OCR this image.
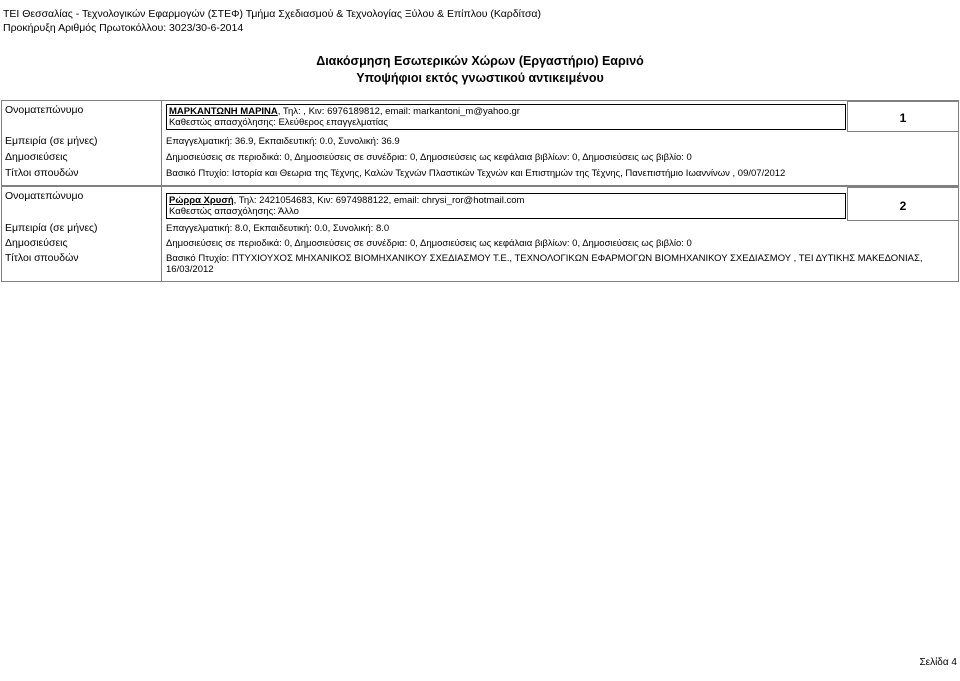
ΤΕΙ Θεσσαλίας - Τεχνολογικών Εφαρμογών (ΣΤΕΦ) Τμήμα Σχεδιασμού & Τεχνολογίας Ξύλου & Επίπλου (Καρδίτσα)
Προκήρυξη Αριθμός Πρωτοκόλλου: 3023/30-6-2014
Διακόσμηση Εσωτερικών Χώρων (Εργαστήριο) Εαρινό
Υποψήφιοι εκτός γνωστικού αντικειμένου
1
Ονοματεπώνυμο	ΜΑΡΚΑΝΤΩΝΗ ΜΑΡΙΝΑ, Τηλ: , Κιν: 6976189812, email: markantoni_m@yahoo.gr
Καθεστώς απασχόλησης: Ελεύθερος επαγγελματίας
Εμπειρία (σε μήνες)	Επαγγελματική: 36.9, Εκπαιδευτική: 0.0, Συνολική: 36.9
Δημοσιεύσεις	Δημοσιεύσεις σε περιοδικά: 0, Δημοσιεύσεις σε συνέδρια: 0, Δημοσιεύσεις ως κεφάλαια βιβλίων: 0, Δημοσιεύσεις ως βιβλίο: 0
Τίτλοι σπουδών	Βασικό Πτυχίο: Ιστορία και Θεωρια της Τέχνης, Καλών Τεχνών Πλαστικών Τεχνών και Επιστημών της Τέχνης, Πανεπιστήμιο Ιωαννίνων , 09/07/2012
2
Ονοματεπώνυμο	Ρώρρα Χρυσή, Τηλ: 2421054683, Κιν: 6974988122, email: chrysi_ror@hotmail.com
Καθεστώς απασχόλησης: Άλλο
Εμπειρία (σε μήνες)	Επαγγελματική: 8.0, Εκπαιδευτική: 0.0, Συνολική: 8.0
Δημοσιεύσεις	Δημοσιεύσεις σε περιοδικά: 0, Δημοσιεύσεις σε συνέδρια: 0, Δημοσιεύσεις ως κεφάλαια βιβλίων: 0, Δημοσιεύσεις ως βιβλίο: 0
Τίτλοι σπουδών	Βασικό Πτυχίο: ΠΤΥΧΙΟΥΧΟΣ ΜΗΧΑΝΙΚΟΣ ΒΙΟΜΗΧΑΝΙΚΟΥ ΣΧΕΔΙΑΣΜΟΥ Τ.Ε., ΤΕΧΝΟΛΟΓΙΚΩΝ ΕΦΑΡΜΟΓΩΝ ΒΙΟΜΗΧΑΝΙΚΟΥ ΣΧΕΔΙΑΣΜΟΥ , ΤΕΙ ΔΥΤΙΚΗΣ ΜΑΚΕΔΟΝΙΑΣ, 16/03/2012
Σελίδα 4
